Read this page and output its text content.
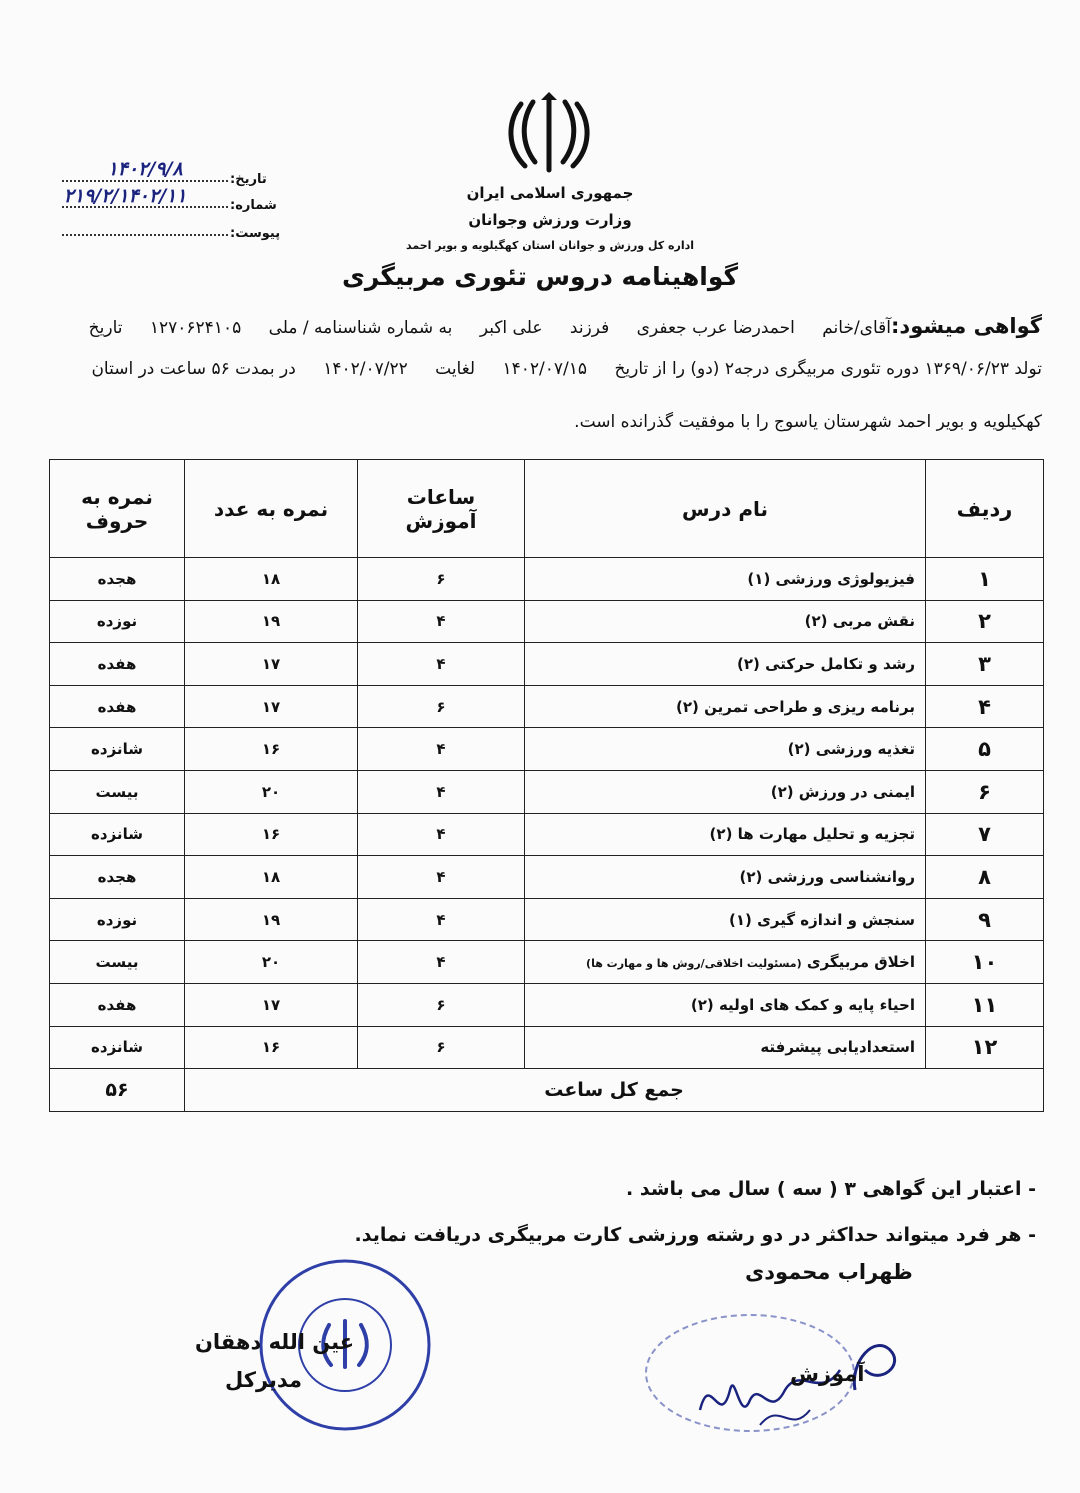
جمهوری اسلامی ایران
وزارت ورزش وجوانان
اداره کل ورزش و جوانان استان کهگیلویه و بویر احمد
گواهینامه دروس تئوری مربیگری
۱۴۰۲/۹/۸	:تاریخ
۲۱۹/۲/۱۴۰۲/۱۱	:شماره
:پیوست
گواهی میشود:آقای/خانم احمدرضا عرب جعفری فرزند علی اکبر به شماره شناسنامه / ملی ۱۲۷۰۶۲۴۱۰۵ تاریخ
تولد ۱۳۶۹/۰۶/۲۳ دوره تئوری مربیگری درجه۲ (دو) را از تاریخ ۱۴۰۲/۰۷/۱۵ لغایت ۱۴۰۲/۰۷/۲۲ در بمدت ۵۶ ساعت در استان
کهکیلویه و بویر احمد شهرستان یاسوج را با موفقیت گذرانده است.
ردیف	نام درس	ساعات آموزش	نمره به عدد	نمره به حروف
۱	فیزیولوژی ورزشی (۱)	۶	۱۸	هجده
۲	نقش مربی (۲)	۴	۱۹	نوزده
۳	رشد و تکامل حرکتی (۲)	۴	۱۷	هفده
۴	برنامه ریزی و طراحی تمرین (۲)	۶	۱۷	هفده
۵	تغذیه ورزشی (۲)	۴	۱۶	شانزده
۶	ایمنی در ورزش (۲)	۴	۲۰	بیست
۷	تجزیه و تحلیل مهارت ها (۲)	۴	۱۶	شانزده
۸	روانشناسی ورزشی (۲)	۴	۱۸	هجده
۹	سنجش و اندازه گیری (۱)	۴	۱۹	نوزده
۱۰	اخلاق مربیگری (مسئولیت اخلاقی/روش ها و مهارت ها)	۴	۲۰	بیست
۱۱	احیاء پایه و کمک های اولیه (۲)	۶	۱۷	هفده
۱۲	استعدادیابی پیشرفته	۶	۱۶	شانزده
جمع کل ساعت				۵۶
- اعتبار این گواهی ۳ ( سه ) سال می باشد .
- هر فرد میتواند حداکثر در دو رشته ورزشی کارت مربیگری دریافت نماید.
عین الله دهقان
مدیرکل
ظهراب محمودی
آموزش
